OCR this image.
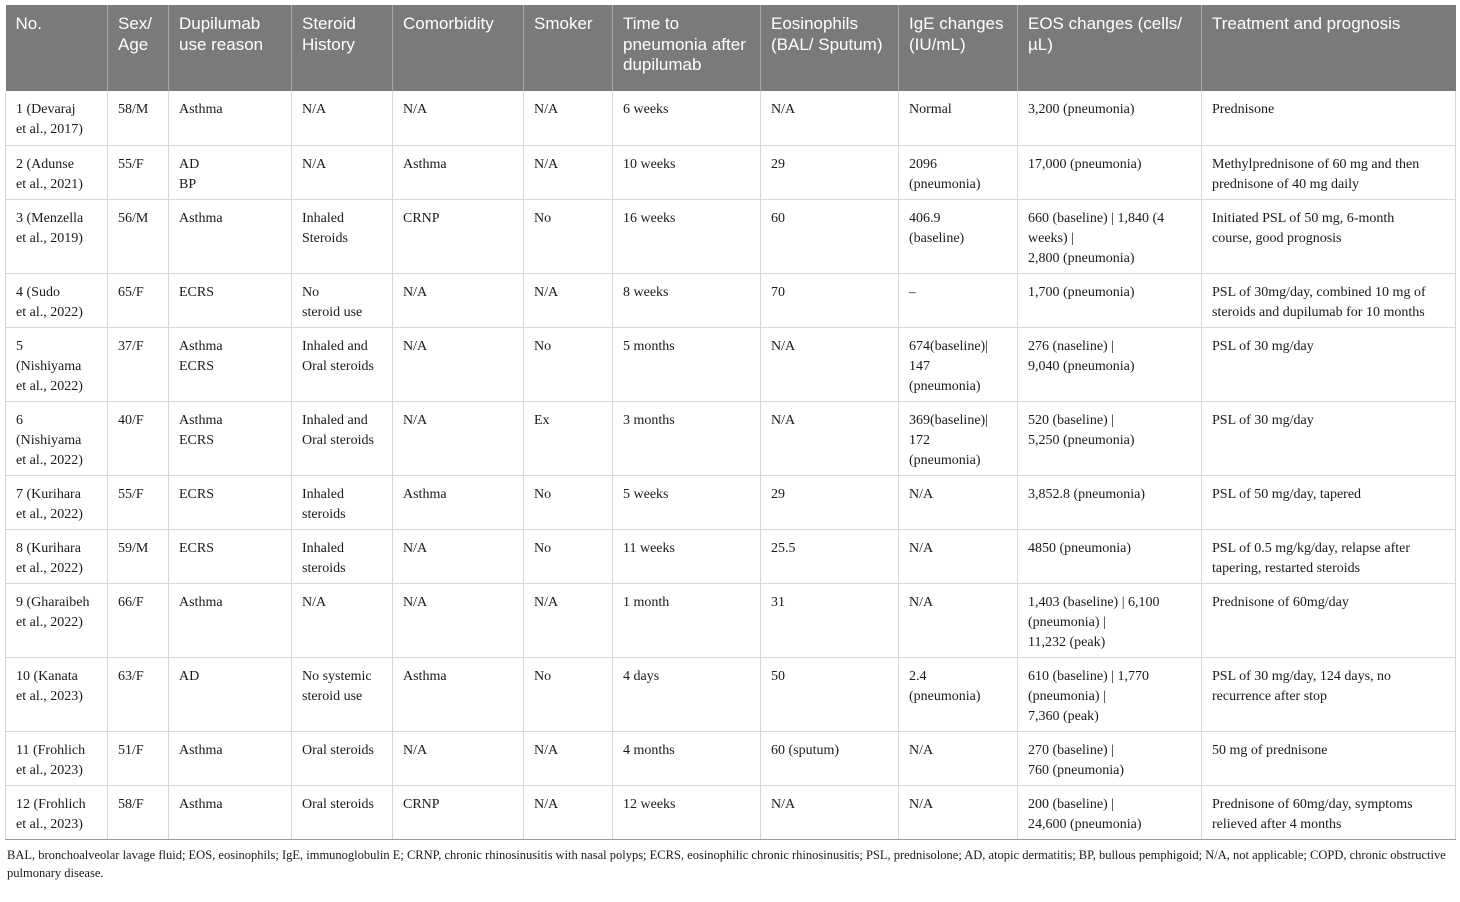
No.	Sex/
Age	Dupilumab use reason	Steroid History	Comorbidity	Smoker	Time to pneumonia after dupilumab	Eosinophils (BAL/ Sputum)	IgE changes (IU/mL)	EOS changes (cells/µL)	Treatment and prognosis
1 (Devaraj
et al., 2017)	58/M	Asthma	N/A	N/A	N/A	6 weeks	N/A	Normal	3,200 (pneumonia)	Prednisone
2 (Adunse
et al., 2021)	55/F	AD
BP	N/A	Asthma	N/A	10 weeks	29	2096
(pneumonia)	17,000 (pneumonia)	Methylprednisone of 60 mg and then
prednisone of 40 mg daily
3 (Menzella
et al., 2019)	56/M	Asthma	Inhaled
Steroids	CRNP	No	16 weeks	60	406.9
(baseline)	660 (baseline) | 1,840 (4
weeks) |
2,800 (pneumonia)	Initiated PSL of 50 mg, 6-month
course, good prognosis
4 (Sudo
et al., 2022)	65/F	ECRS	No
steroid use	N/A	N/A	8 weeks	70	–	1,700 (pneumonia)	PSL of 30mg/day, combined 10 mg of
steroids and dupilumab for 10 months
5
(Nishiyama
et al., 2022)	37/F	Asthma
ECRS	Inhaled and
Oral steroids	N/A	No	5 months	N/A	674(baseline)|
147
(pneumonia)	276 (naseline) |
9,040 (pneumonia)	PSL of 30 mg/day
6
(Nishiyama
et al., 2022)	40/F	Asthma
ECRS	Inhaled and
Oral steroids	N/A	Ex	3 months	N/A	369(baseline)|
172
(pneumonia)	520 (baseline) |
5,250 (pneumonia)	PSL of 30 mg/day
7 (Kurihara
et al., 2022)	55/F	ECRS	Inhaled
steroids	Asthma	No	5 weeks	29	N/A	3,852.8 (pneumonia)	PSL of 50 mg/day, tapered
8 (Kurihara
et al., 2022)	59/M	ECRS	Inhaled
steroids	N/A	No	11 weeks	25.5	N/A	4850 (pneumonia)	PSL of 0.5 mg/kg/day, relapse after
tapering, restarted steroids
9 (Gharaibeh
et al., 2022)	66/F	Asthma	N/A	N/A	N/A	1 month	31	N/A	1,403 (baseline) | 6,100
(pneumonia) |
11,232 (peak)	Prednisone of 60mg/day
10 (Kanata
et al., 2023)	63/F	AD	No systemic
steroid use	Asthma	No	4 days	50	2.4
(pneumonia)	610 (baseline) | 1,770
(pneumonia) |
7,360 (peak)	PSL of 30 mg/day, 124 days, no
recurrence after stop
11 (Frohlich
et al., 2023)	51/F	Asthma	Oral steroids	N/A	N/A	4 months	60 (sputum)	N/A	270 (baseline) |
760 (pneumonia)	50 mg of prednisone
12 (Frohlich
et al., 2023)	58/F	Asthma	Oral steroids	CRNP	N/A	12 weeks	N/A	N/A	200 (baseline) |
24,600 (pneumonia)	Prednisone of 60mg/day, symptoms
relieved after 4 months
BAL, bronchoalveolar lavage fluid; EOS, eosinophils; IgE, immunoglobulin E; CRNP, chronic rhinosinusitis with nasal polyps; ECRS, eosinophilic chronic rhinosinusitis; PSL, prednisolone; AD, atopic dermatitis; BP, bullous pemphigoid; N/A, not applicable; COPD, chronic obstructive pulmonary disease.
